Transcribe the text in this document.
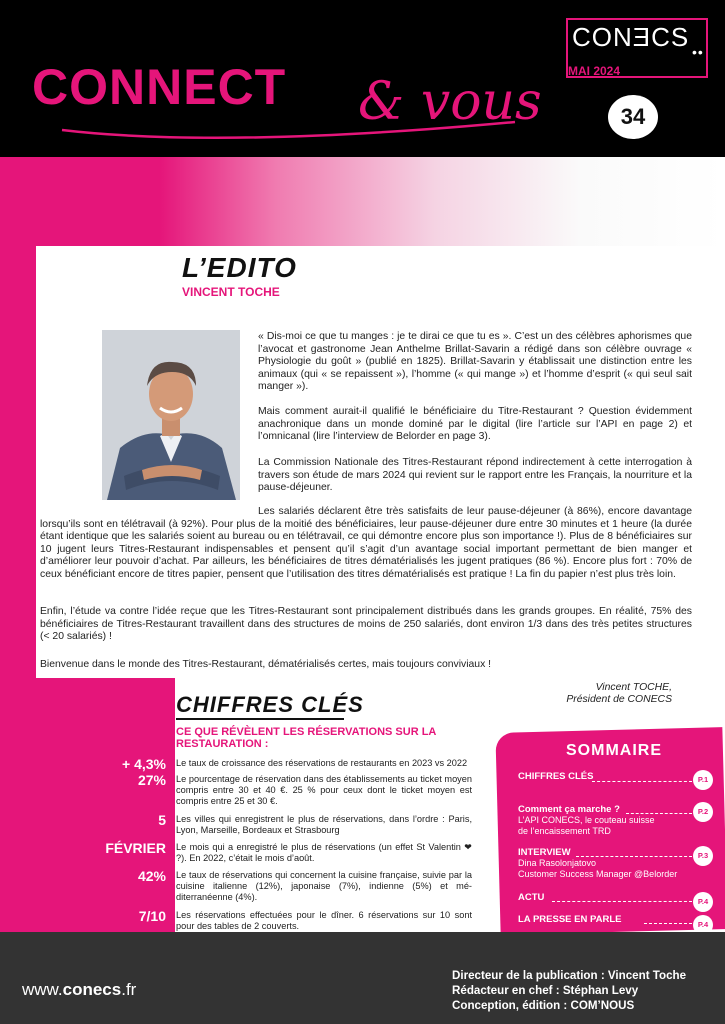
CONƎCS ••
MAI 2024
34
CONNECT & vous
L’EDITO
VINCENT TOCHE

« Dis-moi ce que tu manges : je te dirai ce que tu es ». C’est un des célèbres aphorismes que l’avocat et gastronome Jean Anthelme Brillat-Savarin a rédigé dans son célèbre ouvrage « Physiologie du goût » (publié en 1825). Brillat-Savarin y établissait une distinction entre les animaux (qui « se repaissent »), l’homme (« qui mange ») et l’homme d’esprit (« qui seul sait manger »).

Mais comment aurait-il qualifié le bénéficiaire du Titre-Restaurant ? Question évidemment anachronique dans un monde dominé par le digital (lire l’article sur l’API en page 2) et l’omnicanal (lire l’interview de Belorder en page 3).

La Commission Nationale des Titres-Restaurant répond indirectement à cette interrogation à travers son étude de mars 2024 qui revient sur le rapport entre les Français, la nourriture et la pause-déjeuner.

Les salariés déclarent être très satisfaits de leur pause-déjeuner (à 86%), encore davantage lorsqu’ils sont en télétravail (à 92%). Pour plus de la moitié des bénéficiaires, leur pause-déjeuner dure entre 30 minutes et 1 heure (la durée étant identique que les salariés soient au bureau ou en télétravail, ce qui démontre encore plus son importance !). Plus de 8 bénéficiaires sur 10 jugent leurs Titres-Restaurant indispensables et pensent qu’il s’agit d’un avantage social important permettant de bien manger et d’améliorer leur pouvoir d’achat. Par ailleurs, les bénéficiaires de titres dématérialisés les jugent pratiques (86 %). Encore plus fort : 70% de ceux bénéficiant encore de titres papier, pensent que l’utilisation des titres dématérialisés est pratique ! La fin du papier n’est plus très loin.

Enfin, l’étude va contre l’idée reçue que les Titres-Restaurant sont principalement distribués dans les grands groupes. En réalité, 75% des bénéficiaires de Titres-Restaurant travaillent dans des structures de moins de 250 salariés, dont environ 1/3 dans des très petites structures (< 20 salariés) !

Bienvenue dans le monde des Titres-Restaurant, dématérialisés certes, mais toujours conviviaux !

Vincent TOCHE,
Président de CONECS
CHIFFRES CLÉS
CE QUE RÉVÈLENT LES RÉSERVATIONS SUR LA RESTAURATION :
+ 4,3% Le taux de croissance des réservations de restaurants en 2023 vs 2022
27% Le pourcentage de réservation dans des établissements au ticket moyen compris entre 30 et 40 €. 25 % pour ceux dont le ticket moyen est compris entre 25 et 30 €.
5 Les villes qui enregistrent le plus de réservations, dans l’ordre : Paris, Lyon, Marseille, Bordeaux et Strasbourg
FÉVRIER Le mois qui a enregistré le plus de réservations (un effet St Valentin ❤ ?). En 2022, c’était le mois d’août.
42% Le taux de réservations qui concernent la cuisine française, suivie par la cuisine italienne (12%), japonaise (7%), indienne (5%) et mé-diterranéenne (4%).
7/10 Les réservations effectuées pour le dîner. 6 réservations sur 10 sont pour des tables de 2 couverts.
SOMMAIRE
CHIFFRES CLÉS	P.1
Comment ça marche ?
L’API CONECS, le couteau suisse
de l’encaissement TRD
P.2
INTERVIEW
Dina Rasolonjatovo
Customer Success Manager @Belorder
P.3
ACTU	P.4
LA PRESSE EN PARLE	P.4
www.conecs.fr
Directeur de la publication : Vincent Toche
Rédacteur en chef : Stéphan Levy
Conception, édition : COM’NOUS
